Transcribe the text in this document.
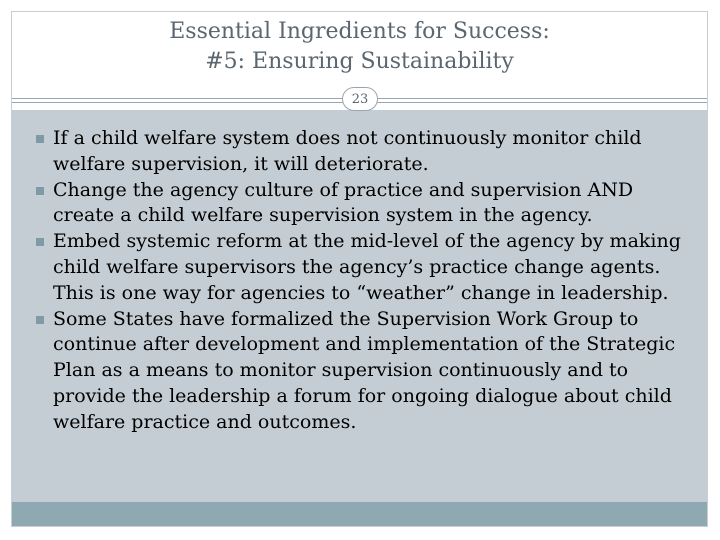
Essential Ingredients for Success:
#5: Ensuring Sustainability
If a child welfare system does not continuously monitor child welfare supervision, it will deteriorate.
Change the agency culture of practice and supervision AND create a child welfare supervision system in the agency.
Embed systemic reform at the mid-level of the agency by making child welfare supervisors the agency’s practice change agents. This is one way for agencies to “weather” change in leadership.
Some States have formalized the Supervision Work Group to continue after development and implementation of the Strategic Plan as a means to monitor supervision continuously and to provide the leadership a forum for ongoing dialogue about child welfare practice and outcomes.
23
